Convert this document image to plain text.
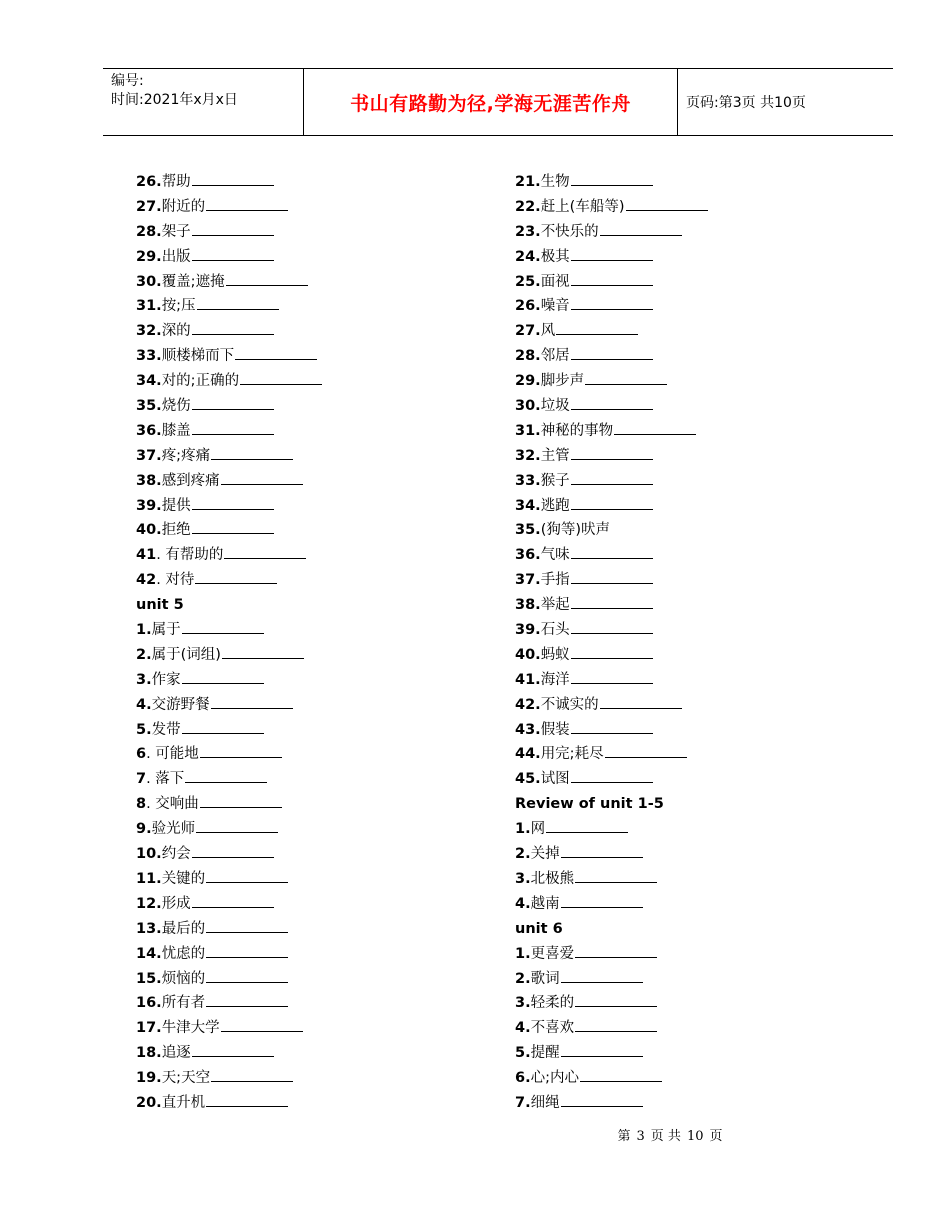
编号:
时间:2021年x月x日	书山有路勤为径,学海无涯苦作舟	页码:第3页 共10页
26.帮助
27.附近的
28.架子
29.出版
30.覆盖;遮掩
31.按;压
32.深的
33.顺楼梯而下
34.对的;正确的
35.烧伤
36.膝盖
37.疼;疼痛
38.感到疼痛
39.提供
40.拒绝
41. 有帮助的
42. 对待
unit 5
1.属于
2.属于(词组)
3.作家
4.交游野餐
5.发带
6. 可能地
7. 落下
8. 交响曲
9.验光师
10.约会
11.关键的
12.形成
13.最后的
14.忧虑的
15.烦恼的
16.所有者
17.牛津大学
18.追逐
19.天;天空
20.直升机
21.生物
22.赶上(车船等)
23.不快乐的
24.极其
25.面视
26.噪音
27.风
28.邻居
29.脚步声
30.垃圾
31.神秘的事物
32.主管
33.猴子
34.逃跑
35.(狗等)吠声
36.气味
37.手指
38.举起
39.石头
40.蚂蚁
41.海洋
42.不诚实的
43.假装
44.用完;耗尽
45.试图
Review of unit 1-5
1.网
2.关掉
3.北极熊
4.越南
unit 6
1.更喜爱
2.歌词
3.轻柔的
4.不喜欢
5.提醒
6.心;内心
7.细绳
第 3 页 共 10 页
